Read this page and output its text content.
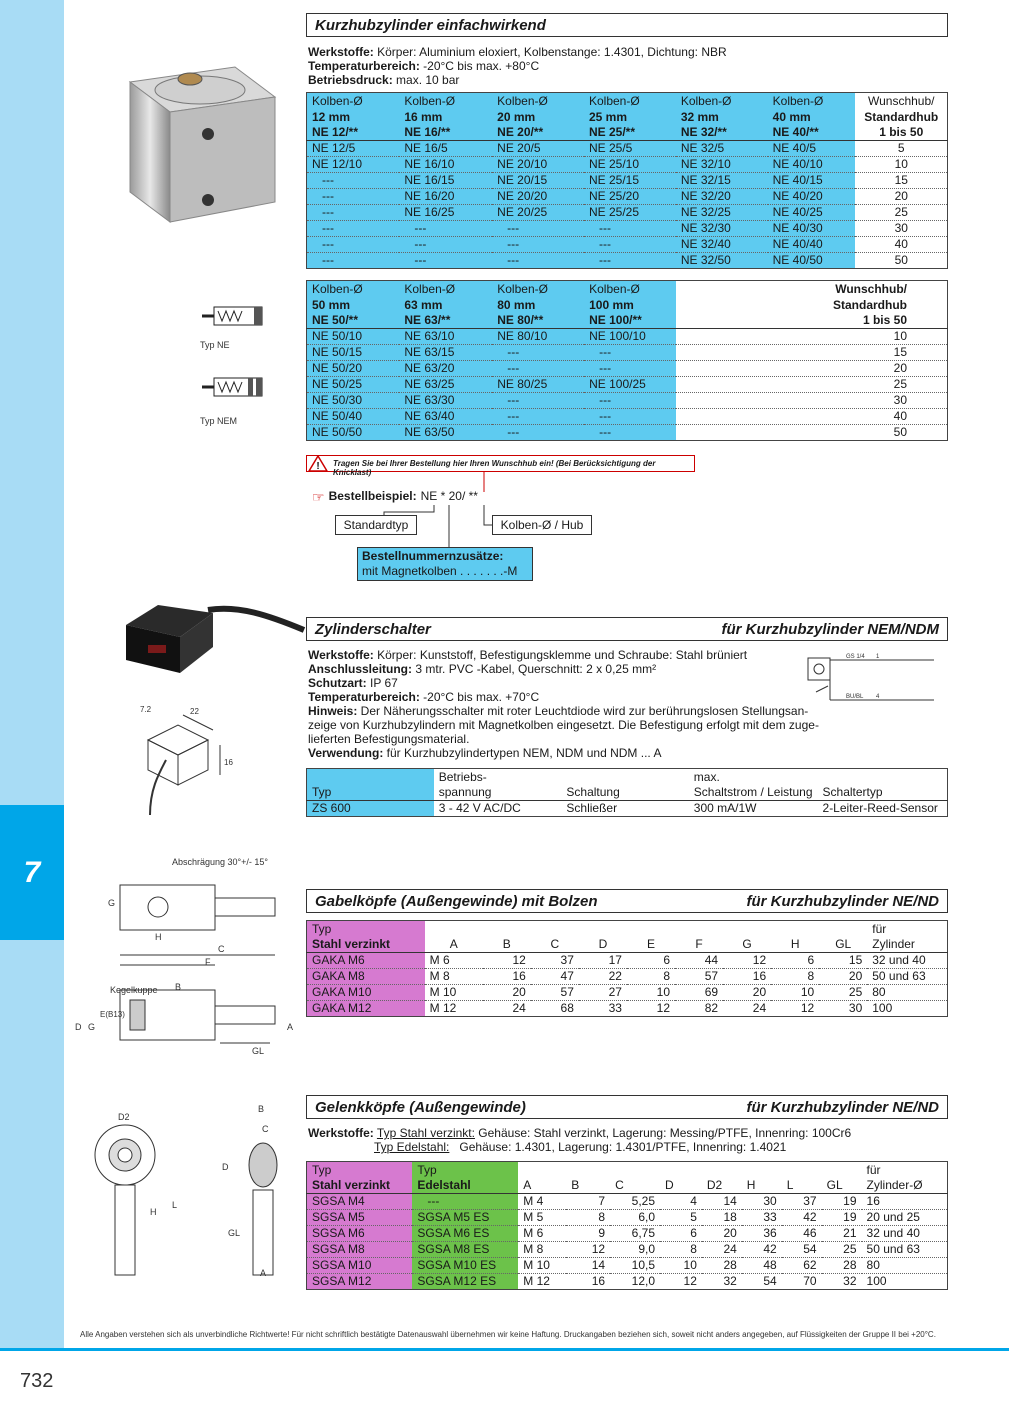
7
Alle Angaben verstehen sich als unverbindliche Richtwerte! Für nicht schriftlich bestätigte Datenauswahl übernehmen wir keine Haftung. Druckangaben beziehen sich, soweit nicht anders angegeben, auf Flüssigkeiten der Gruppe II bei +20°C.
732
Kurzhubzylinder einfachwirkend
Werkstoffe: Körper: Aluminium eloxiert, Kolbenstange: 1.4301, Dichtung: NBR
Temperaturbereich: -20°C bis max. +80°C
Betriebsdruck: max. 10 bar
Kolben-Ø	Kolben-Ø	Kolben-Ø	Kolben-Ø	Kolben-Ø	Kolben-Ø	Wunschhub/
12 mm	16 mm	20 mm	25 mm	32 mm	40 mm	Standardhub
NE 12/**	NE 16/**	NE 20/**	NE 25/**	NE 32/**	NE 40/**	1 bis 50
NE 12/5	NE 16/5	NE 20/5	NE 25/5	NE 32/5	NE 40/5	5
NE 12/10	NE 16/10	NE 20/10	NE 25/10	NE 32/10	NE 40/10	10
---	NE 16/15	NE 20/15	NE 25/15	NE 32/15	NE 40/15	15
---	NE 16/20	NE 20/20	NE 25/20	NE 32/20	NE 40/20	20
---	NE 16/25	NE 20/25	NE 25/25	NE 32/25	NE 40/25	25
---	---	---	---	NE 32/30	NE 40/30	30
---	---	---	---	NE 32/40	NE 40/40	40
---	---	---	---	NE 32/50	NE 40/50	50
Kolben-Ø	Kolben-Ø	Kolben-Ø	Kolben-Ø	Wunschhub/
50 mm	63 mm	80 mm	100 mm	Standardhub
NE 50/**	NE 63/**	NE 80/**	NE 100/**	1 bis 50
NE 50/10	NE 63/10	NE 80/10	NE 100/10	10
NE 50/15	NE 63/15	---	---	15
NE 50/20	NE 63/20	---	---	20
NE 50/25	NE 63/25	NE 80/25	NE 100/25	25
NE 50/30	NE 63/30	---	---	30
NE 50/40	NE 63/40	---	---	40
NE 50/50	NE 63/50	---	---	50
Typ NE
Typ NEM
Tragen Sie bei Ihrer Bestellung hier Ihren Wunschhub ein! (Bei Berücksichtigung der Knicklast)
!
☞ Bestellbeispiel: NE * 20/ **
Standardtyp	Kolben-Ø / Hub
Bestellnummernzusätze:
mit Magnetkolben . . . . . . .-M
Zylinderschalter	für Kurzhubzylinder NEM/NDM
Werkstoffe: Körper: Kunststoff, Befestigungsklemme und Schraube: Stahl brüniert
Anschlussleitung: 3 mtr. PVC -Kabel, Querschnitt: 2 x 0,25 mm²
Schutzart: IP 67
Temperaturbereich: -20°C bis max. +70°C
Hinweis: Der Näherungsschalter mit roter Leuchtdiode wird zur berührungslosen Stellungsan-
zeige von Kurzhubzylindern mit Magnetkolben eingesetzt. Die Befestigung erfolgt mit dem zuge-
lieferten Befestigungsmaterial.
Verwendung: für Kurzhubzylindertypen NEM, NDM und NDM ... A
GS 1/4
BU/BL
1
4
22
16
7.2
	Betriebs-		max.	
Typ	spannung	Schaltung	Schaltstrom / Leistung	Schaltertyp
ZS 600	3 - 42 V AC/DC	Schließer	300 mA/1W	2-Leiter-Reed-Sensor
Abschrägung 30°+/- 15°
G
H
C
F
Kegelkuppe B
D G
E(B13)
A
GL
Gabelköpfe (Außengewinde) mit Bolzen	für Kurzhubzylinder NE/ND
Typ										für
Stahl verzinkt	A	B	C	D	E	F	G	H	GL	Zylinder
GAKA M6	M 6	12	37	17	6	44	12	6	15	32 und 40
GAKA M8	M 8	16	47	22	8	57	16	8	20	50 und 63
GAKA M10	M 10	20	57	27	10	69	20	10	25	80
GAKA M12	M 12	24	68	33	12	82	24	12	30	100
D2
B
C
D
H
L
GL
A
Gelenkköpfe (Außengewinde)	für Kurzhubzylinder NE/ND
Werkstoffe: Typ Stahl verzinkt: Gehäuse: Stahl verzinkt, Lagerung: Messing/PTFE, Innenring: 100Cr6
Typ Edelstahl: Gehäuse: 1.4301, Lagerung: 1.4301/PTFE, Innenring: 1.4021
Typ	Typ									für
Stahl verzinkt	Edelstahl	A	B	C	D	D2	H	L	GL	Zylinder-Ø
SGSA M4	---	M 4	7	5,25	4	14	30	37	19	16
SGSA M5	SGSA M5 ES	M 5	8	6,0	5	18	33	42	19	20 und 25
SGSA M6	SGSA M6 ES	M 6	9	6,75	6	20	36	46	21	32 und 40
SGSA M8	SGSA M8 ES	M 8	12	9,0	8	24	42	54	25	50 und 63
SGSA M10	SGSA M10 ES	M 10	14	10,5	10	28	48	62	28	80
SGSA M12	SGSA M12 ES	M 12	16	12,0	12	32	54	70	32	100
